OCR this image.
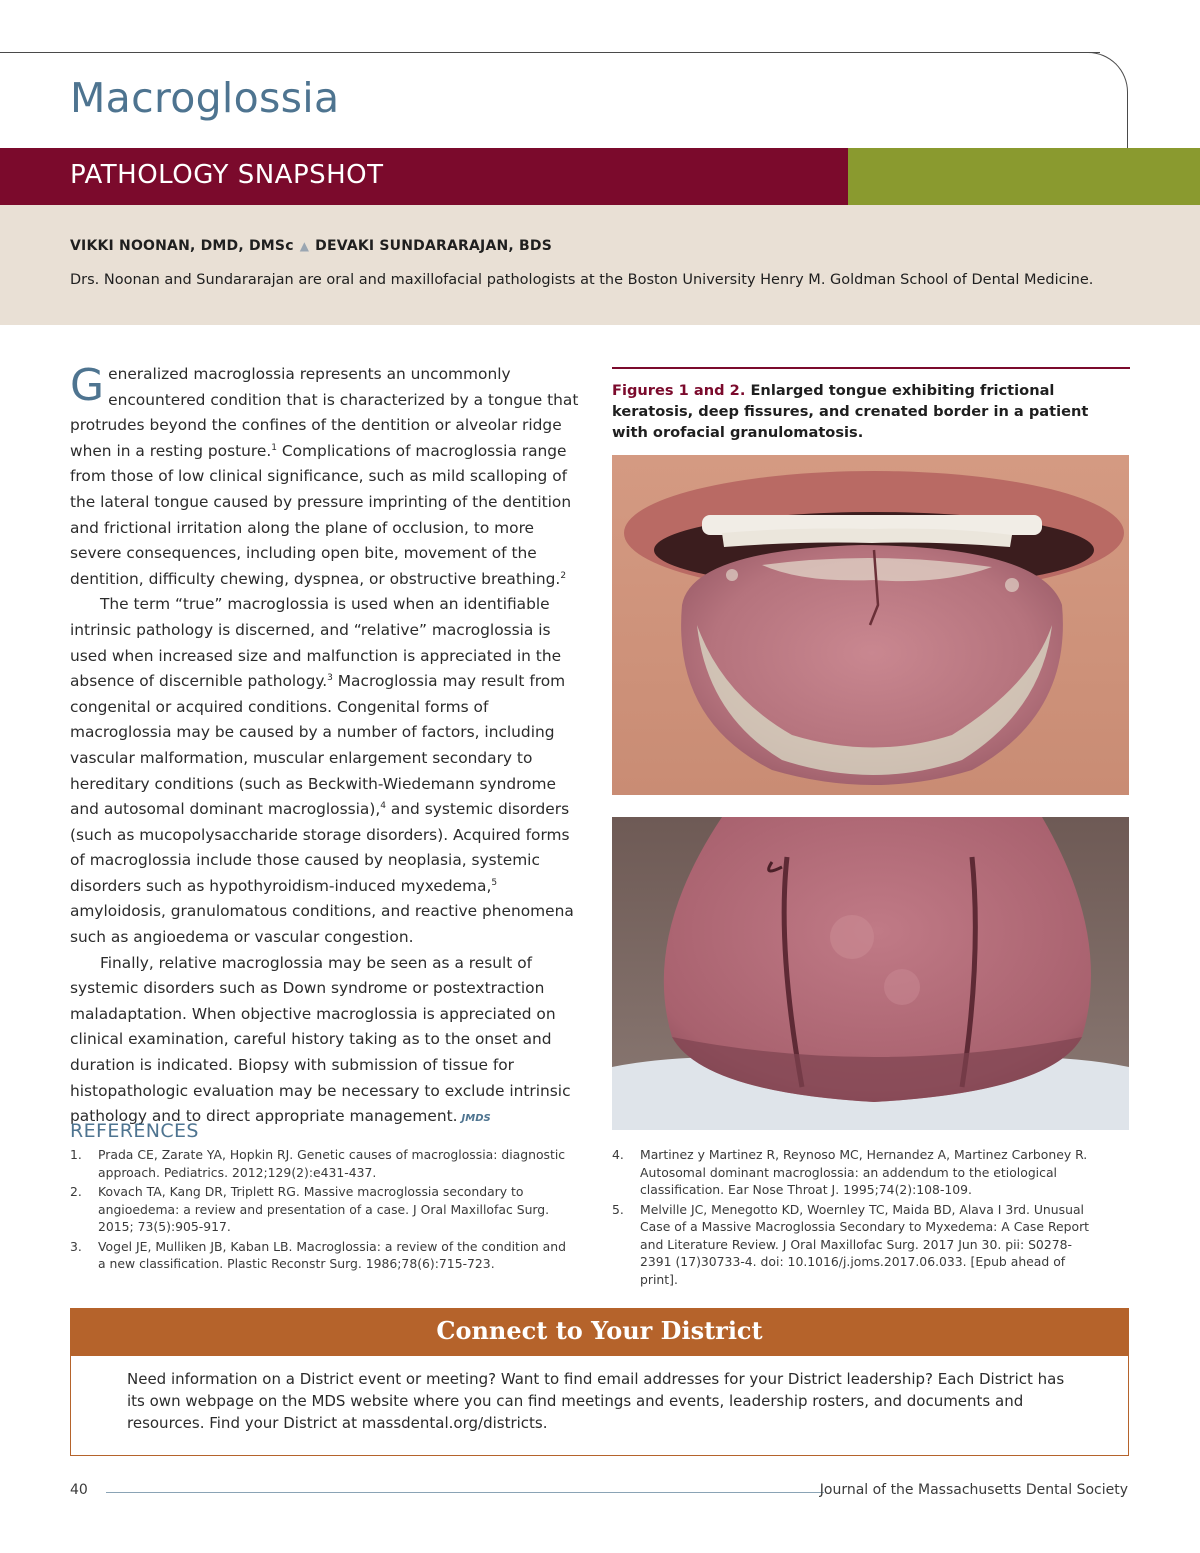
Macroglossia
PATHOLOGY SNAPSHOT
VIKKI NOONAN, DMD, DMSc ▲ DEVAKI SUNDARARAJAN, BDS
Drs. Noonan and Sundararajan are oral and maxillofacial pathologists at the Boston University Henry M. Goldman School of Dental Medicine.

Generalized macroglossia represents an uncommonly encountered condition that is characterized by a tongue that protrudes beyond the confines of the dentition or alveolar ridge when in a resting posture.$^1$ Complications of macroglossia range from those of low clinical significance, such as mild scalloping of the lateral tongue caused by pressure imprinting of the dentition and frictional irritation along the plane of occlusion, to more severe consequences, including open bite, movement of the dentition, difficulty chewing, dyspnea, or obstructive breathing.$^2$

The term “true” macroglossia is used when an identifiable intrinsic pathology is discerned, and “relative” macroglossia is used when increased size and malfunction is appreciated in the absence of discernible pathology.$^3$ Macroglossia may result from congenital or acquired conditions. Congenital forms of macroglossia may be caused by a number of factors, including vascular malformation, muscular enlargement secondary to hereditary conditions (such as Beckwith-Wiedemann syndrome and autosomal dominant macroglossia),$^4$ and systemic disorders (such as mucopolysaccharide storage disorders). Acquired forms of macroglossia include those caused by neoplasia, systemic disorders such as hypothyroidism-induced myxedema,$^5$ amyloidosis, granulomatous conditions, and reactive phenomena such as angioedema or vascular congestion.

Finally, relative macroglossia may be seen as a result of systemic disorders such as Down syndrome or postextraction maladaptation. When objective macroglossia is appreciated on clinical examination, careful history taking as to the onset and duration is indicated. Biopsy with submission of tissue for histopathologic evaluation may be necessary to exclude intrinsic pathology and to direct appropriate management. JMDS

Figures 1 and 2. Enlarged tongue exhibiting frictional keratosis, deep fissures, and crenated border in a patient with orofacial granulomatosis.
REFERENCES
1. Prada CE, Zarate YA, Hopkin RJ. Genetic causes of macroglossia: diagnostic approach. Pediatrics. 2012;129(2):e431-437.
2. Kovach TA, Kang DR, Triplett RG. Massive macroglossia secondary to angioedema: a review and presentation of a case. J Oral Maxillofac Surg. 2015; 73(5):905-917.
3. Vogel JE, Mulliken JB, Kaban LB. Macroglossia: a review of the condition and a new classification. Plastic Reconstr Surg. 1986;78(6):715-723.
4. Martinez y Martinez R, Reynoso MC, Hernandez A, Martinez Carboney R. Autosomal dominant macroglossia: an addendum to the etiological classification. Ear Nose Throat J. 1995;74(2):108-109.
5. Melville JC, Menegotto KD, Woernley TC, Maida BD, Alava I 3rd. Unusual Case of a Massive Macroglossia Secondary to Myxedema: A Case Report and Literature Review. J Oral Maxillofac Surg. 2017 Jun 30. pii: S0278-2391 (17)30733-4. doi: 10.1016/j.joms.2017.06.033. [Epub ahead of print].
Connect to Your District
Need information on a District event or meeting? Want to find email addresses for your District leadership? Each District has its own webpage on the MDS website where you can find meetings and events, leadership rosters, and documents and resources. Find your District at massdental.org/districts.
40	Journal of the Massachusetts Dental Society
